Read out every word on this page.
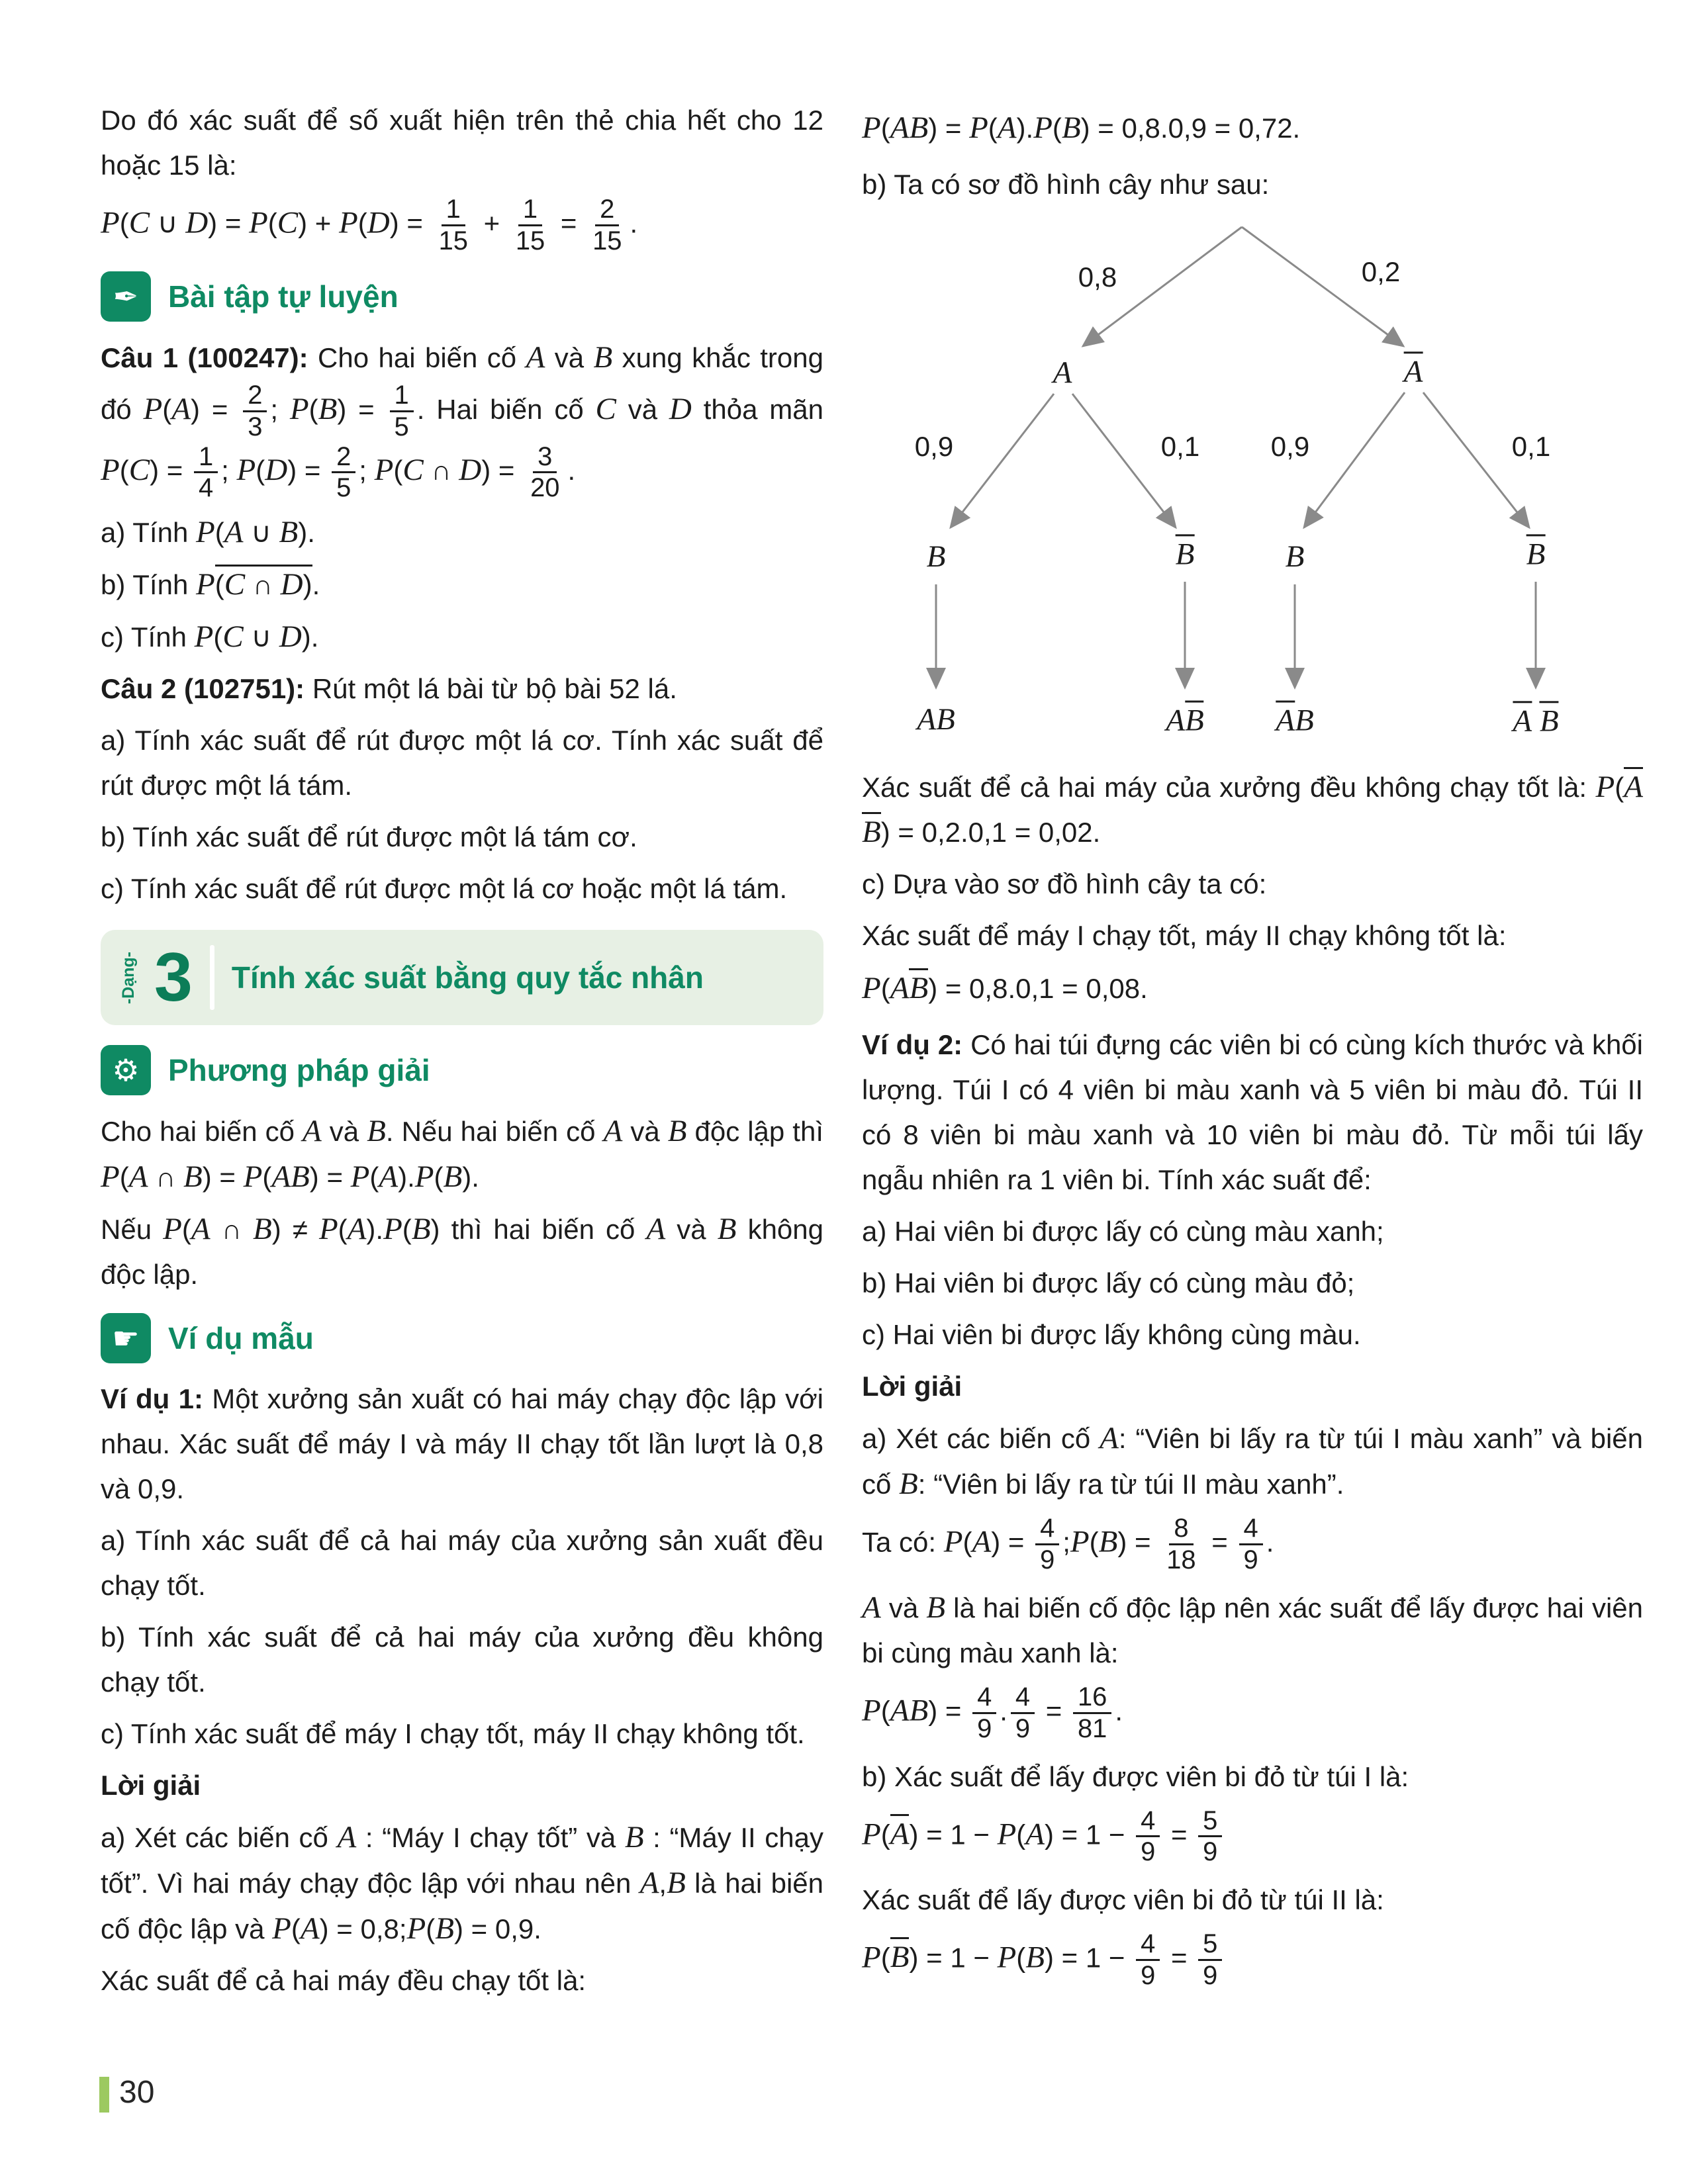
Do đó xác suất để số xuất hiện trên thẻ chia hết cho 12 hoặc 15 là:

P(C ∪ $D) = P(C) + P(D) = \frac{1}{15} + \frac{1}{15} = \frac{2}{15}$ .
✒ Bài tập tự luyện

Câu 1 (100247): Cho hai biến cố A và B xung khắc trong đó $P(A) = \frac{2}{3}$ ; $P(B) = \frac{1}{5}$ . Hai biến cố C và D thỏa mãn $P(C) = \frac{1}{4}$ ; $P(D) = \frac{2}{5}$ ; P(C ∩ $D) = \frac{3}{20}$ .

a) Tính P(A ∪ B).

b) Tính P(C ∩ D).

c) Tính P(C ∪ D).

Câu 2 (102751): Rút một lá bài từ bộ bài 52 lá.

a) Tính xác suất để rút được một lá cơ. Tính xác suất để rút được một lá tám.

b) Tính xác suất để rút được một lá tám cơ.

c) Tính xác suất để rút được một lá cơ hoặc một lá tám.

-Dạng- 3 Tính xác suất bằng quy tắc nhân
⚙ Phương pháp giải

Cho hai biến cố A và B. Nếu hai biến cố A và B độc lập thì P(A ∩ B) = P(AB) = P(A).P(B).

Nếu P(A ∩ B) ≠ P(A).P(B) thì hai biến cố A và B không độc lập.

☛ Ví dụ mẫu

Ví dụ 1: Một xưởng sản xuất có hai máy chạy độc lập với nhau. Xác suất để máy I và máy II chạy tốt lần lượt là 0,8 và 0,9.

a) Tính xác suất để cả hai máy của xưởng sản xuất đều chạy tốt.

b) Tính xác suất để cả hai máy của xưởng đều không chạy tốt.

c) Tính xác suất để máy I chạy tốt, máy II chạy không tốt.

Lời giải

a) Xét các biến cố A : “Máy I chạy tốt” và B : “Máy II chạy tốt”. Vì hai máy chạy độc lập với nhau nên A,B là hai biến cố độc lập và P(A) = 0,8;P(B) = 0,9.

Xác suất để cả hai máy đều chạy tốt là:

P(AB) = P(A).P(B) = 0,8.0,9 = 0,72.

b) Ta có sơ đồ hình cây như sau:

0,8	0,2
A	A
0,9	0,1	0,9	0,1
B	B	B	B
AB	AB AB	A B

Xác suất để cả hai máy của xưởng đều không chạy tốt là: P(A B) = 0,2.0,1 = 0,02.

c) Dựa vào sơ đồ hình cây ta có:

Xác suất để máy I chạy tốt, máy II chạy không tốt là:

P(AB) = 0,8.0,1 = 0,08.

Ví dụ 2: Có hai túi đựng các viên bi có cùng kích thước và khối lượng. Túi I có 4 viên bi màu xanh và 5 viên bi màu đỏ. Túi II có 8 viên bi màu xanh và 10 viên bi màu đỏ. Từ mỗi túi lấy ngẫu nhiên ra 1 viên bi. Tính xác suất để:

a) Hai viên bi được lấy có cùng màu xanh;

b) Hai viên bi được lấy có cùng màu đỏ;

c) Hai viên bi được lấy không cùng màu.

Lời giải

a) Xét các biến cố A: “Viên bi lấy ra từ túi I màu xanh” và biến cố B: “Viên bi lấy ra từ túi II màu xanh”.

Ta có: $P(A) = \frac{4}{9}$ ;P(B) = $\frac{8}{18} = \frac{4}{9}$ .

A và B là hai biến cố độc lập nên xác suất để lấy được hai viên bi cùng màu xanh là:

$P(AB) = \frac{4}{9}$ . $\frac{4}{9} = \frac{16}{81}$ .

b) Xác suất để lấy được viên bi đỏ từ túi I là:

$P(A) = 1 - P(A) = 1 - \frac{4}{9} = \frac{5}{9}$

Xác suất để lấy được viên bi đỏ từ túi II là:

$P(B) = 1 - P(B) = 1 - \frac{4}{9} = \frac{5}{9}$
30
